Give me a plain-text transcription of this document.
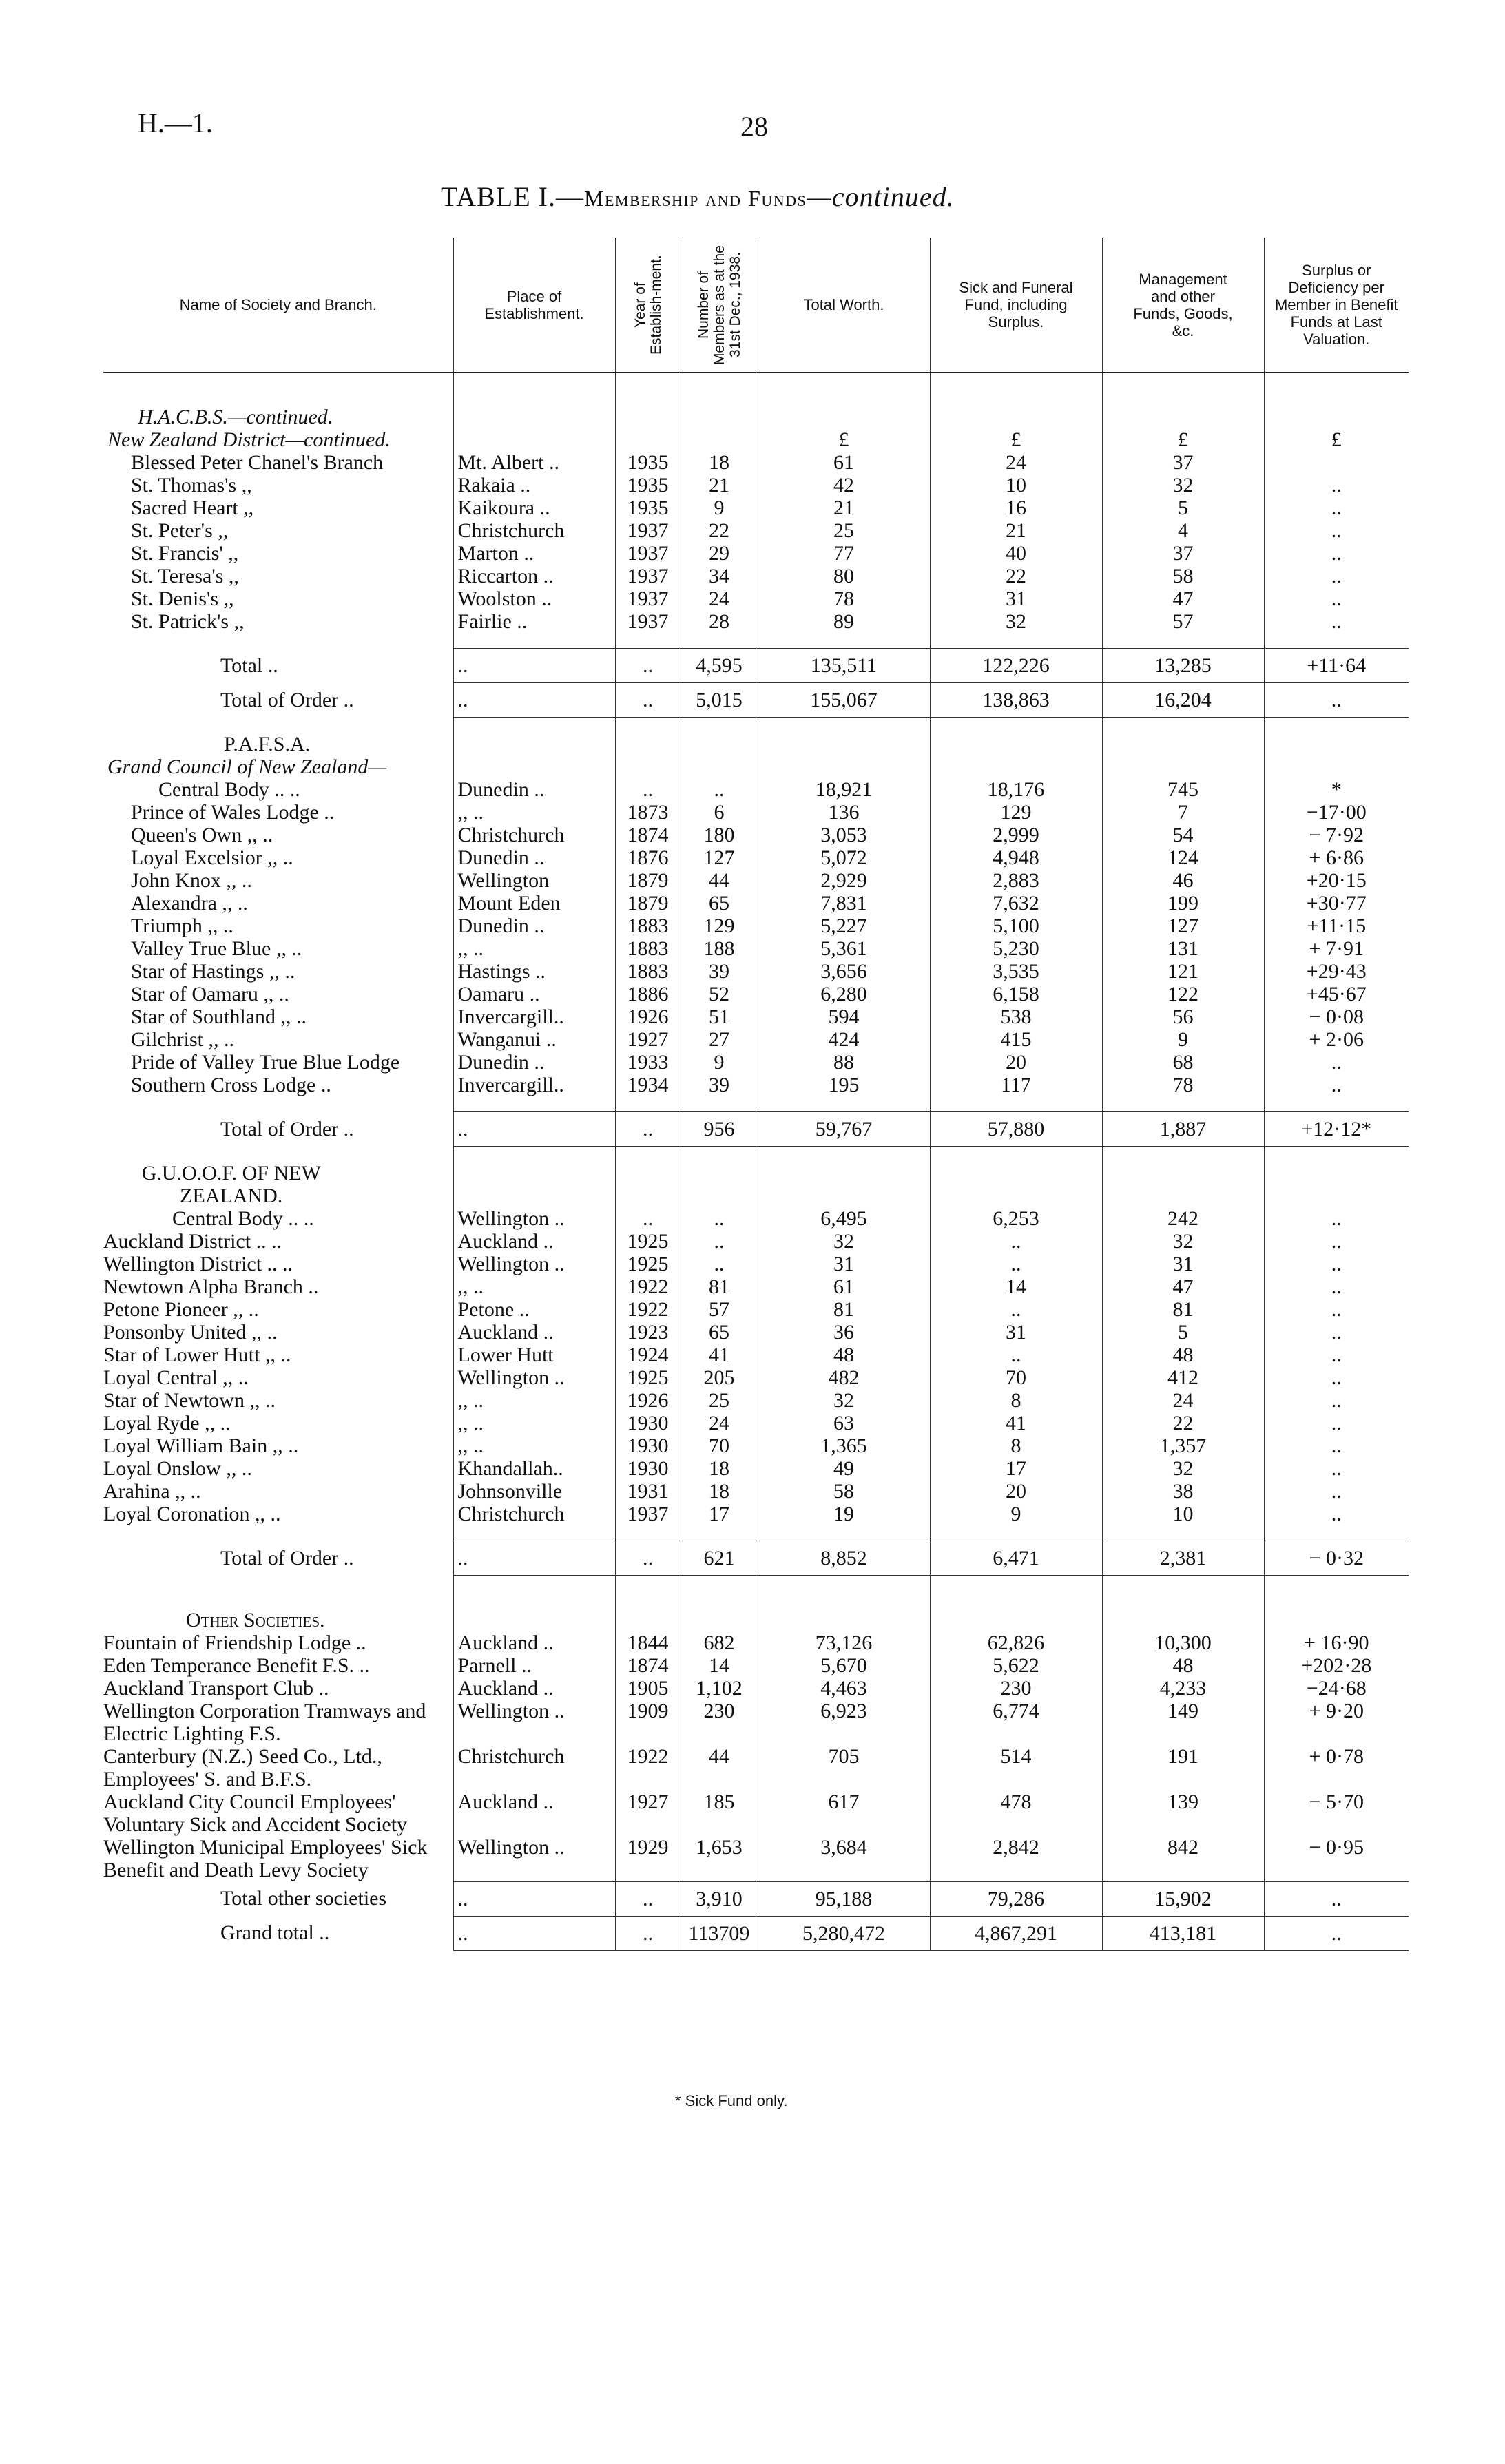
H.—1.	28
TABLE I.—Membership and Funds—continued.
Name of Society and Branch.	Place of Establishment.	Year of Establish-ment.	Number of Members as at the 31st Dec., 1938.	Total Worth.	Sick and Funeral Fund, including Surplus.	Management and other Funds, Goods, &c.	Surplus or Deficiency per Member in Benefit Funds at Last Valuation.

H.A.C.B.S.—continued.							
New Zealand District—continued.				£	£	£	£
Blessed Peter Chanel's Branch	Mt. Albert ..	1935	18	61	24	37	
St. Thomas's ,,	Rakaia ..	1935	21	42	10	32	..
Sacred Heart ,,	Kaikoura ..	1935	9	21	16	5	..
St. Peter's ,,	Christchurch	1937	22	25	21	4	..
St. Francis' ,,	Marton ..	1937	29	77	40	37	..
St. Teresa's ,,	Riccarton ..	1937	34	80	22	58	..
St. Denis's ,,	Woolston ..	1937	24	78	31	47	..
St. Patrick's ,,	Fairlie ..	1937	28	89	32	57	..

Total ..	..	..	4,595	135,511	122,226	13,285	+11·64
Total of Order ..	..	..	5,015	155,067	138,863	16,204	..

P.A.F.S.A.							
Grand Council of New Zealand—							
Central Body .. ..	Dunedin ..	..	..	18,921	18,176	745	*
Prince of Wales Lodge ..	,, ..	1873	6	136	129	7	−17·00
Queen's Own ,, ..	Christchurch	1874	180	3,053	2,999	54	− 7·92
Loyal Excelsior ,, ..	Dunedin ..	1876	127	5,072	4,948	124	+ 6·86
John Knox ,, ..	Wellington	1879	44	2,929	2,883	46	+20·15
Alexandra ,, ..	Mount Eden	1879	65	7,831	7,632	199	+30·77
Triumph ,, ..	Dunedin ..	1883	129	5,227	5,100	127	+11·15
Valley True Blue ,, ..	,, ..	1883	188	5,361	5,230	131	+ 7·91
Star of Hastings ,, ..	Hastings ..	1883	39	3,656	3,535	121	+29·43
Star of Oamaru ,, ..	Oamaru ..	1886	52	6,280	6,158	122	+45·67
Star of Southland ,, ..	Invercargill..	1926	51	594	538	56	− 0·08
Gilchrist ,, ..	Wanganui ..	1927	27	424	415	9	+ 2·06
Pride of Valley True Blue Lodge	Dunedin ..	1933	9	88	20	68	..
Southern Cross Lodge ..	Invercargill..	1934	39	195	117	78	..

Total of Order ..	..	..	956	59,767	57,880	1,887	+12·12*

G.U.O.O.F. OF NEW ZEALAND.							
Central Body .. ..	Wellington ..	..	..	6,495	6,253	242	..
Auckland District .. ..	Auckland ..	1925	..	32	..	32	..
Wellington District .. ..	Wellington ..	1925	..	31	..	31	..
Newtown Alpha Branch ..	,, ..	1922	81	61	14	47	..
Petone Pioneer ,, ..	Petone ..	1922	57	81	..	81	..
Ponsonby United ,, ..	Auckland ..	1923	65	36	31	5	..
Star of Lower Hutt ,, ..	Lower Hutt	1924	41	48	..	48	..
Loyal Central ,, ..	Wellington ..	1925	205	482	70	412	..
Star of Newtown ,, ..	,, ..	1926	25	32	8	24	..
Loyal Ryde ,, ..	,, ..	1930	24	63	41	22	..
Loyal William Bain ,, ..	,, ..	1930	70	1,365	8	1,357	..
Loyal Onslow ,, ..	Khandallah..	1930	18	49	17	32	..
Arahina ,, ..	Johnsonville	1931	18	58	20	38	..
Loyal Coronation ,, ..	Christchurch	1937	17	19	9	10	..

Total of Order ..	..	..	621	8,852	6,471	2,381	− 0·32

Other Societies.							
Fountain of Friendship Lodge ..	Auckland ..	1844	682	73,126	62,826	10,300	+ 16·90
Eden Temperance Benefit F.S. ..	Parnell ..	1874	14	5,670	5,622	48	+202·28
Auckland Transport Club ..	Auckland ..	1905	1,102	4,463	230	4,233	−24·68
Wellington Corporation Tramways and Electric Lighting F.S.	Wellington ..	1909	230	6,923	6,774	149	+ 9·20
Canterbury (N.Z.) Seed Co., Ltd., Employees' S. and B.F.S.	Christchurch	1922	44	705	514	191	+ 0·78
Auckland City Council Employees' Voluntary Sick and Accident Society	Auckland ..	1927	185	617	478	139	− 5·70
Wellington Municipal Employees' Sick Benefit and Death Levy Society	Wellington ..	1929	1,653	3,684	2,842	842	− 0·95
Total other societies	..	..	3,910	95,188	79,286	15,902	..
Grand total ..	..	..	113709	5,280,472	4,867,291	413,181	..
* Sick Fund only.
